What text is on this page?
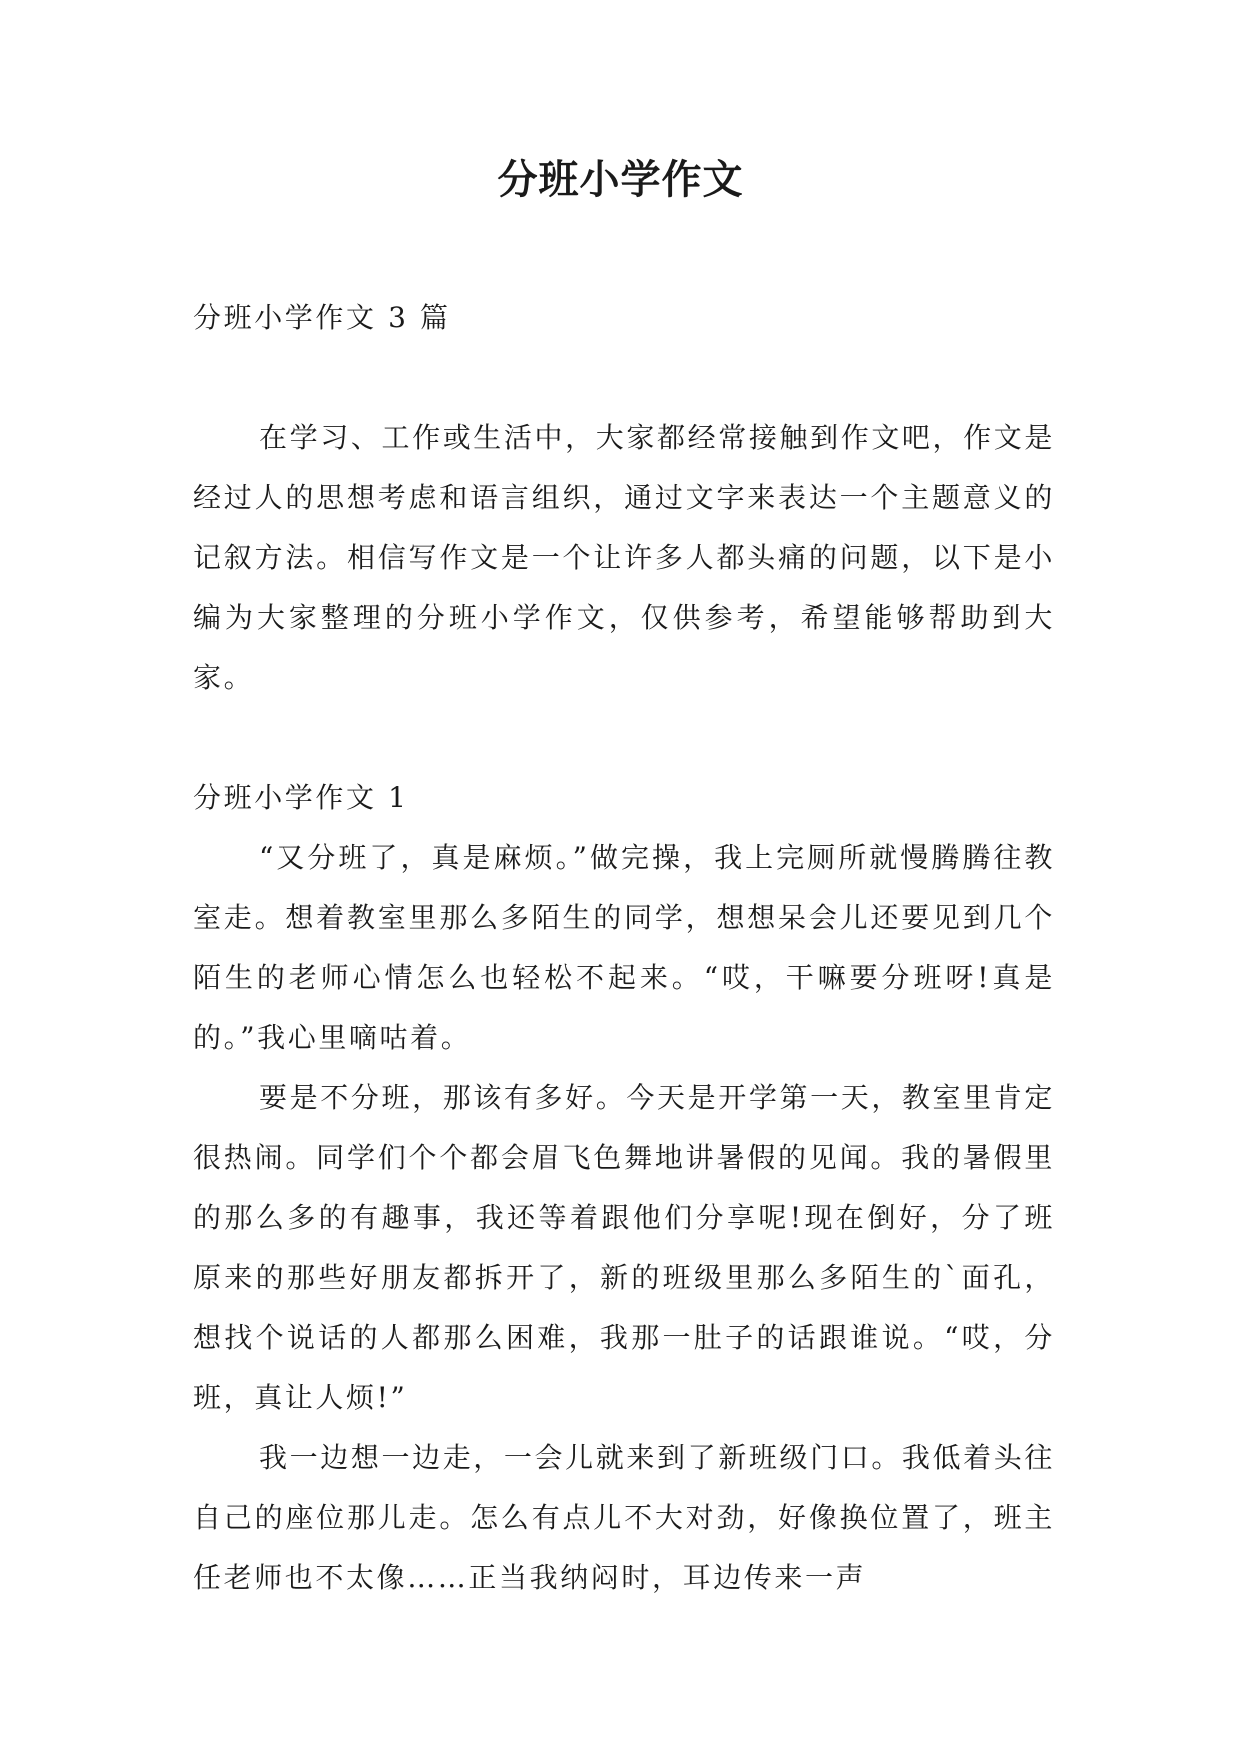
分班小学作文

分班小学作文 3 篇

在学习、工作或生活中，大家都经常接触到作文吧，作文是经过人的思想考虑和语言组织，通过文字来表达一个主题意义的记叙方法。相信写作文是一个让许多人都头痛的问题，以下是小编为大家整理的分班小学作文，仅供参考，希望能够帮助到大家。

分班小学作文 1

“又分班了，真是麻烦。”做完操，我上完厕所就慢腾腾往教室走。想着教室里那么多陌生的同学，想想呆会儿还要见到几个陌生的老师心情怎么也轻松不起来。“哎，干嘛要分班呀!真是的。”我心里嘀咕着。

要是不分班，那该有多好。今天是开学第一天，教室里肯定很热闹。同学们个个都会眉飞色舞地讲暑假的见闻。我的暑假里的那么多的有趣事，我还等着跟他们分享呢!现在倒好，分了班原来的那些好朋友都拆开了，新的班级里那么多陌生的`面孔，想找个说话的人都那么困难，我那一肚子的话跟谁说。“哎，分班，真让人烦!”

我一边想一边走，一会儿就来到了新班级门口。我低着头往自己的座位那儿走。怎么有点儿不大对劲，好像换位置了，班主任老师也不太像……正当我纳闷时，耳边传来一声
